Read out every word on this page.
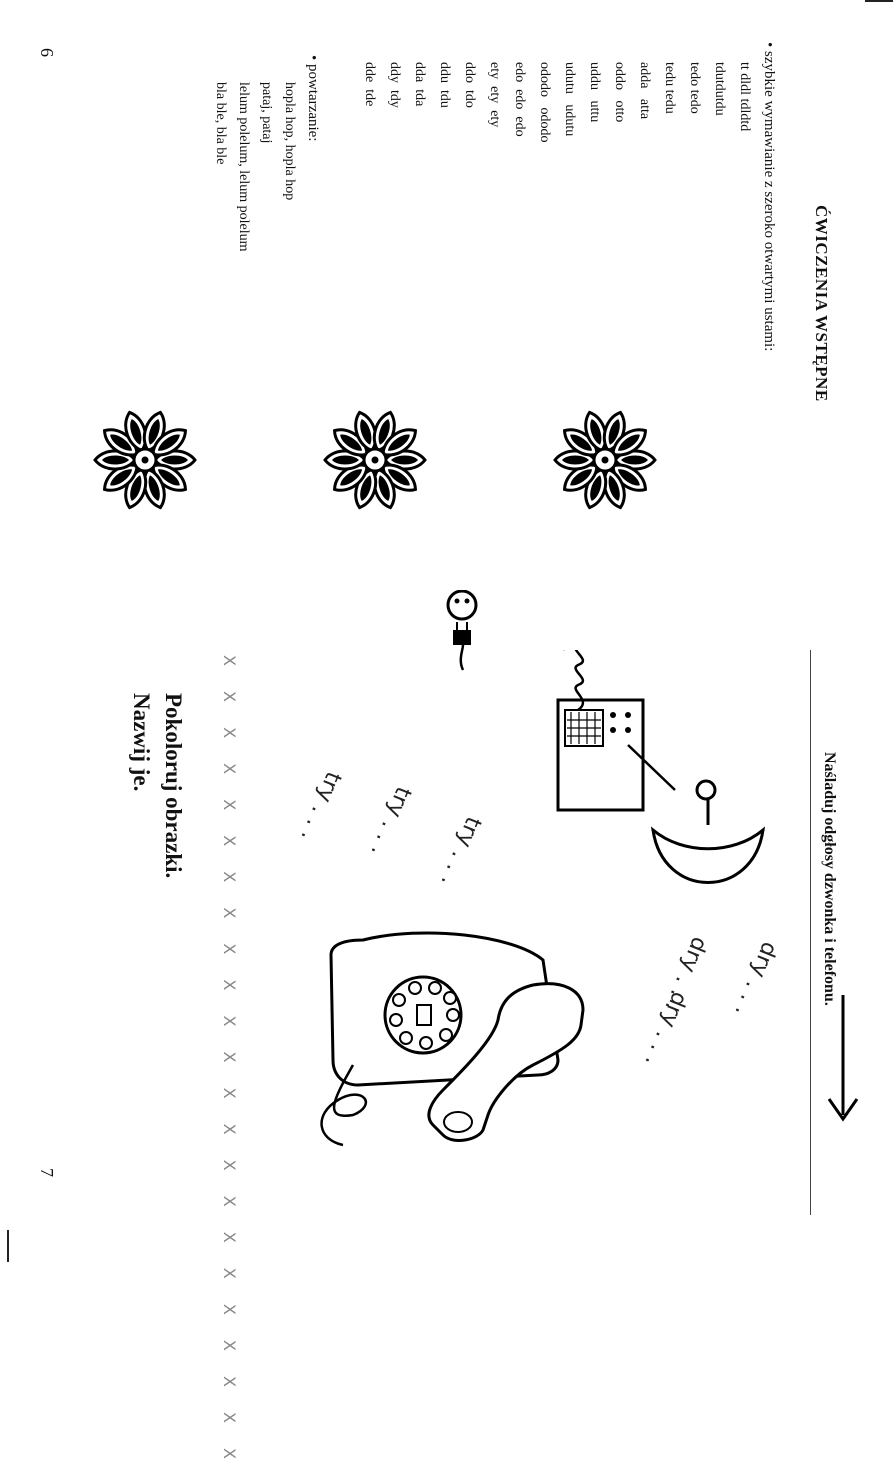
6
ĆWICZENIA WSTĘPNE
• szybkie wymawianie z szeroko otwartymi ustami:
tt dldl tdldtd
tdutdutdu
tedo tedo
tedu tedu
adda   atta
oddo   otto
uddu   uttu
udutu   udutu
ododo   ododo
edo  edo  edo
ety  ety  ety
ddo  tdo
ddu  tdu
dda  tda
ddy  tdy
dde  tde
• powtarzanie:
hopla hop, hopla hop
pataj, pataj
lelum polelum, lelum polelum
bla ble, bla ble
Naśladuj odgłosy dzwonka i telefonu.
7
dry . . .
dry . . .
dry . . .
try . . .
try . . .
try . . .
Pokoloruj obrazki.
Nazwij je.	X X X X X X X X X X X X X X X X X X X X X X X
